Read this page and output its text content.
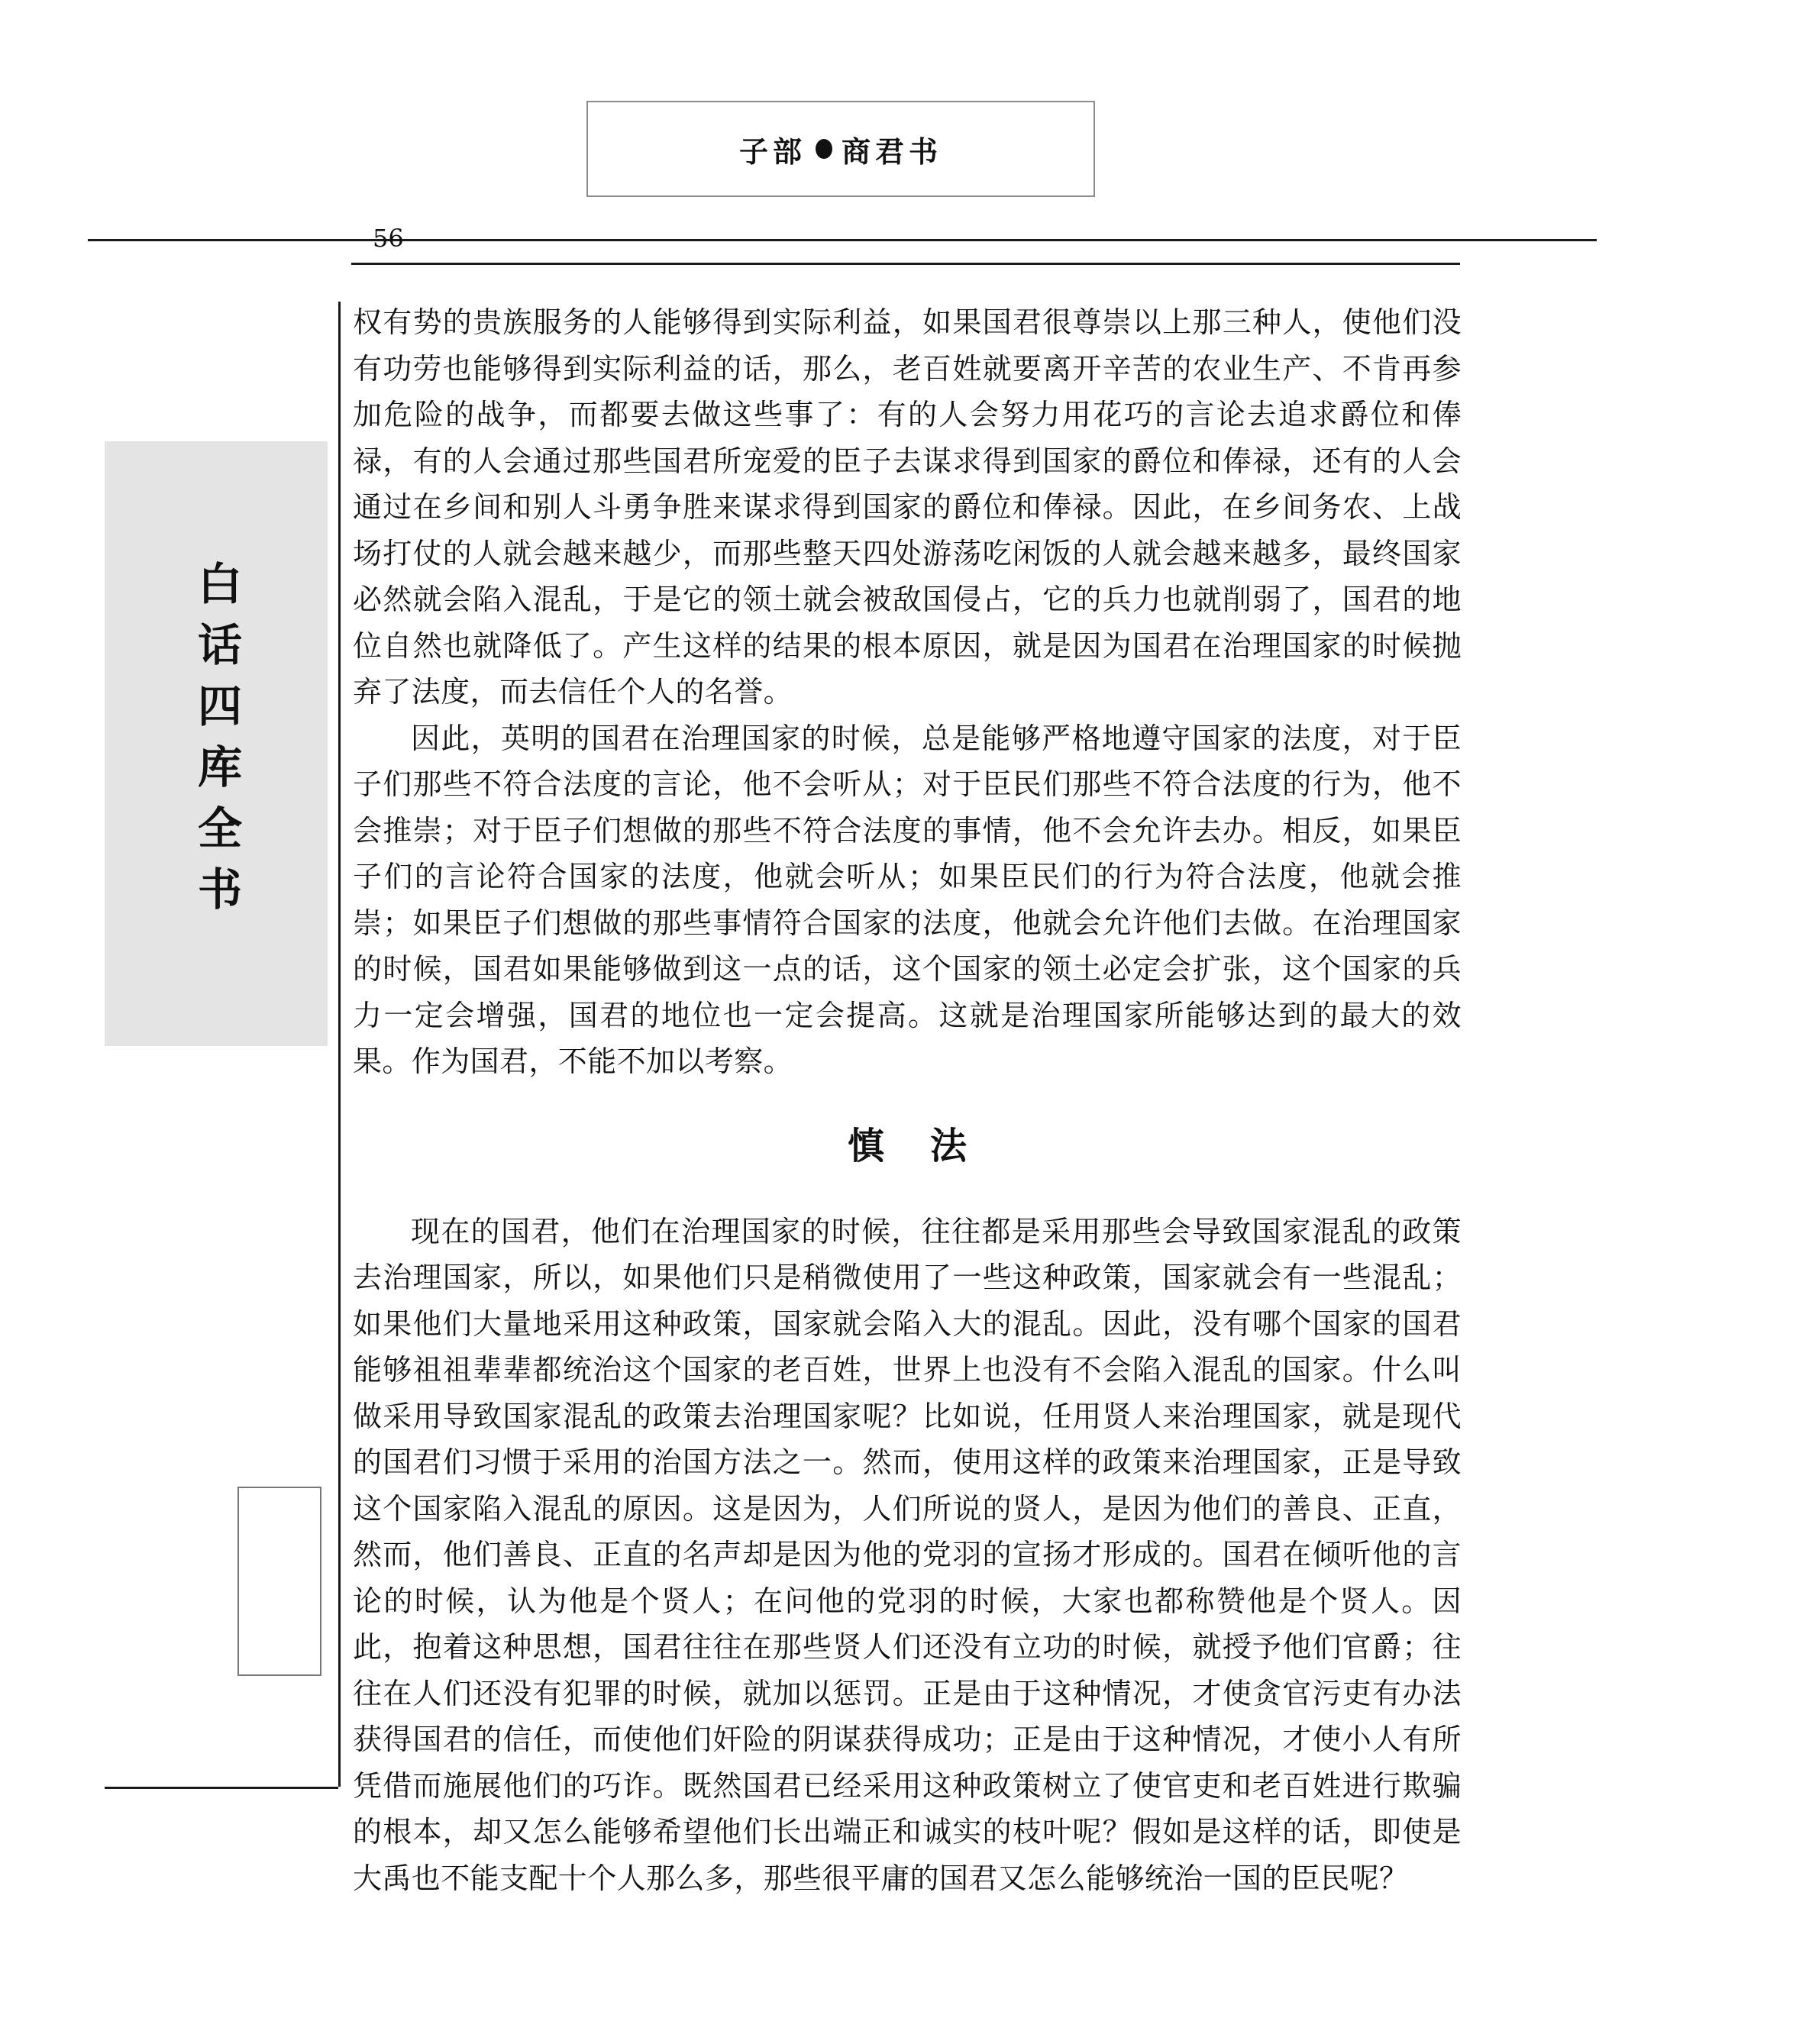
子部 商君书
56
白话四库全书

权有势的贵族服务的人能够得到实际利益，如果国君很尊崇以上那三种人，使他们没有功劳也能够得到实际利益的话，那么，老百姓就要离开辛苦的农业生产、不肯再参加危险的战争，而都要去做这些事了：有的人会努力用花巧的言论去追求爵位和俸禄，有的人会通过那些国君所宠爱的臣子去谋求得到国家的爵位和俸禄，还有的人会通过在乡间和别人斗勇争胜来谋求得到国家的爵位和俸禄。因此，在乡间务农、上战场打仗的人就会越来越少，而那些整天四处游荡吃闲饭的人就会越来越多，最终国家必然就会陷入混乱，于是它的领土就会被敌国侵占，它的兵力也就削弱了，国君的地位自然也就降低了。产生这样的结果的根本原因，就是因为国君在治理国家的时候抛弃了法度，而去信任个人的名誉。

因此，英明的国君在治理国家的时候，总是能够严格地遵守国家的法度，对于臣子们那些不符合法度的言论，他不会听从；对于臣民们那些不符合法度的行为，他不会推崇；对于臣子们想做的那些不符合法度的事情，他不会允许去办。相反，如果臣子们的言论符合国家的法度，他就会听从；如果臣民们的行为符合法度，他就会推崇；如果臣子们想做的那些事情符合国家的法度，他就会允许他们去做。在治理国家的时候，国君如果能够做到这一点的话，这个国家的领土必定会扩张，这个国家的兵力一定会增强，国君的地位也一定会提高。这就是治理国家所能够达到的最大的效果。作为国君，不能不加以考察。

慎法

现在的国君，他们在治理国家的时候，往往都是采用那些会导致国家混乱的政策去治理国家，所以，如果他们只是稍微使用了一些这种政策，国家就会有一些混乱；如果他们大量地采用这种政策，国家就会陷入大的混乱。因此，没有哪个国家的国君能够祖祖辈辈都统治这个国家的老百姓，世界上也没有不会陷入混乱的国家。什么叫做采用导致国家混乱的政策去治理国家呢？比如说，任用贤人来治理国家，就是现代的国君们习惯于采用的治国方法之一。然而，使用这样的政策来治理国家，正是导致这个国家陷入混乱的原因。这是因为，人们所说的贤人，是因为他们的善良、正直，然而，他们善良、正直的名声却是因为他的党羽的宣扬才形成的。国君在倾听他的言论的时候，认为他是个贤人；在问他的党羽的时候，大家也都称赞他是个贤人。因此，抱着这种思想，国君往往在那些贤人们还没有立功的时候，就授予他们官爵；往往在人们还没有犯罪的时候，就加以惩罚。正是由于这种情况，才使贪官污吏有办法获得国君的信任，而使他们奸险的阴谋获得成功；正是由于这种情况，才使小人有所凭借而施展他们的巧诈。既然国君已经采用这种政策树立了使官吏和老百姓进行欺骗的根本，却又怎么能够希望他们长出端正和诚实的枝叶呢？假如是这样的话，即使是大禹也不能支配十个人那么多，那些很平庸的国君又怎么能够统治一国的臣民呢？
